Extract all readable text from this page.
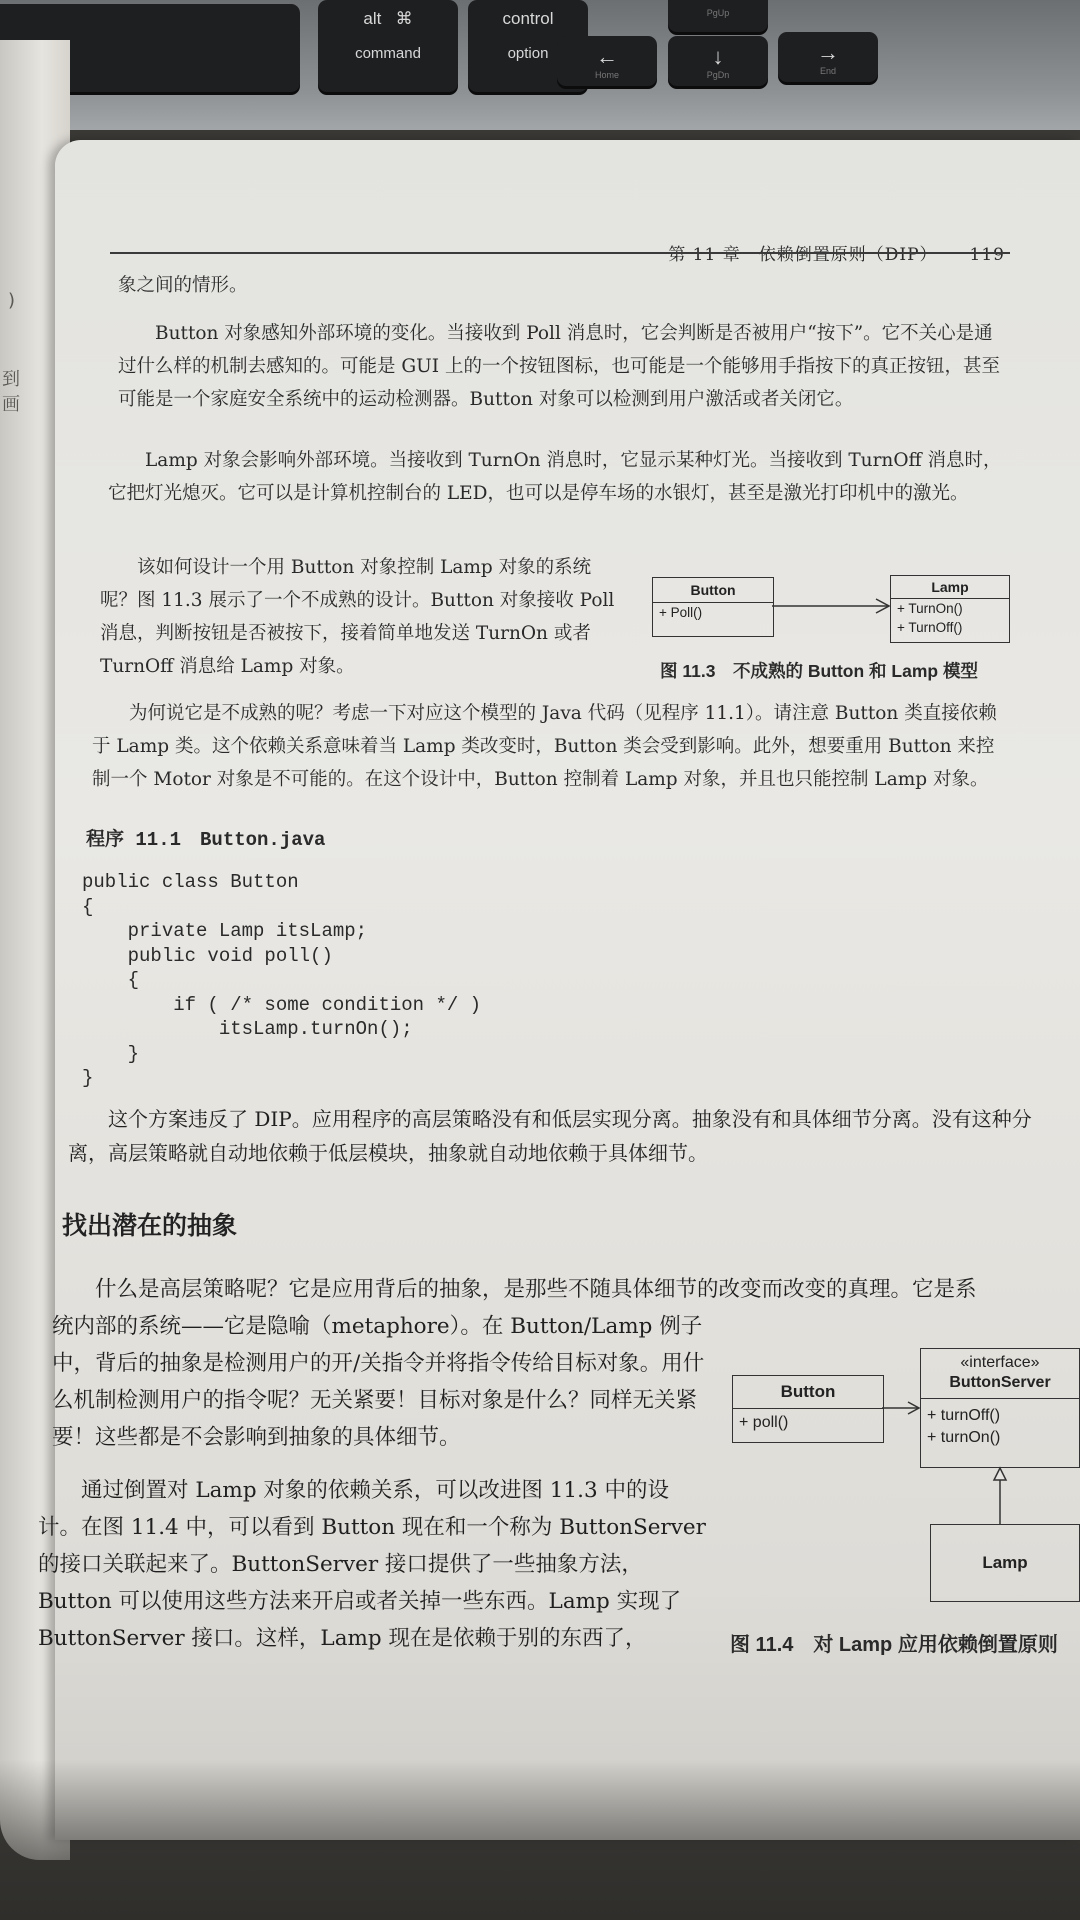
alt ⌘
command
control
option	←
Home
PgUp
↓
PgDn
→
End
)
到
画
第 11 章　依赖倒置原则（DIP） 119

象之间的情形。

Button 对象感知外部环境的变化。当接收到 Poll 消息时，它会判断是否被用户“按下”。它不关心是通过什么样的机制去感知的。可能是 GUI 上的一个按钮图标，也可能是一个能够用手指按下的真正按钮，甚至可能是一个家庭安全系统中的运动检测器。Button 对象可以检测到用户激活或者关闭它。

Lamp 对象会影响外部环境。当接收到 TurnOn 消息时，它显示某种灯光。当接收到 TurnOff 消息时，它把灯光熄灭。它可以是计算机控制台的 LED，也可以是停车场的水银灯，甚至是激光打印机中的激光。

该如何设计一个用 Button 对象控制 Lamp 对象的系统呢？图 11.3 展示了一个不成熟的设计。Button 对象接收 Poll 消息，判断按钮是否被按下，接着简单地发送 TurnOn 或者 TurnOff 消息给 Lamp 对象。

Button
+ Poll()
Lamp
+ TurnOn()
+ TurnOff()
图 11.3　不成熟的 Button 和 Lamp 模型

为何说它是不成熟的呢？考虑一下对应这个模型的 Java 代码（见程序 11.1）。请注意 Button 类直接依赖于 Lamp 类。这个依赖关系意味着当 Lamp 类改变时，Button 类会受到影响。此外，想要重用 Button 来控制一个 Motor 对象是不可能的。在这个设计中，Button 控制着 Lamp 对象，并且也只能控制 Lamp 对象。

程序 11.1　Button.java
public class Button
{
private Lamp itsLamp;
public void poll()
{
if ( /* some condition */ )
itsLamp.turnOn();
}
}

这个方案违反了 DIP。应用程序的高层策略没有和低层实现分离。抽象没有和具体细节分离。没有这种分离，高层策略就自动地依赖于低层模块，抽象就自动地依赖于具体细节。

找出潜在的抽象

什么是高层策略呢？它是应用背后的抽象，是那些不随具体细节的改变而改变的真理。它是系

统内部的系统——它是隐喻（metaphore）。在 Button/Lamp 例子中，背后的抽象是检测用户的开/关指令并将指令传给目标对象。用什么机制检测用户的指令呢？无关紧要！目标对象是什么？同样无关紧要！这些都是不会影响到抽象的具体细节。

通过倒置对 Lamp 对象的依赖关系，可以改进图 11.3 中的设计。在图 11.4 中，可以看到 Button 现在和一个称为 ButtonServer 的接口关联起来了。ButtonServer 接口提供了一些抽象方法，Button 可以使用这些方法来开启或者关掉一些东西。Lamp 实现了 ButtonServer 接口。这样，Lamp 现在是依赖于别的东西了，

Button
+ poll()
«interface»
ButtonServer
+ turnOff()
+ turnOn()
Lamp
图 11.4　对 Lamp 应用依赖倒置原则
